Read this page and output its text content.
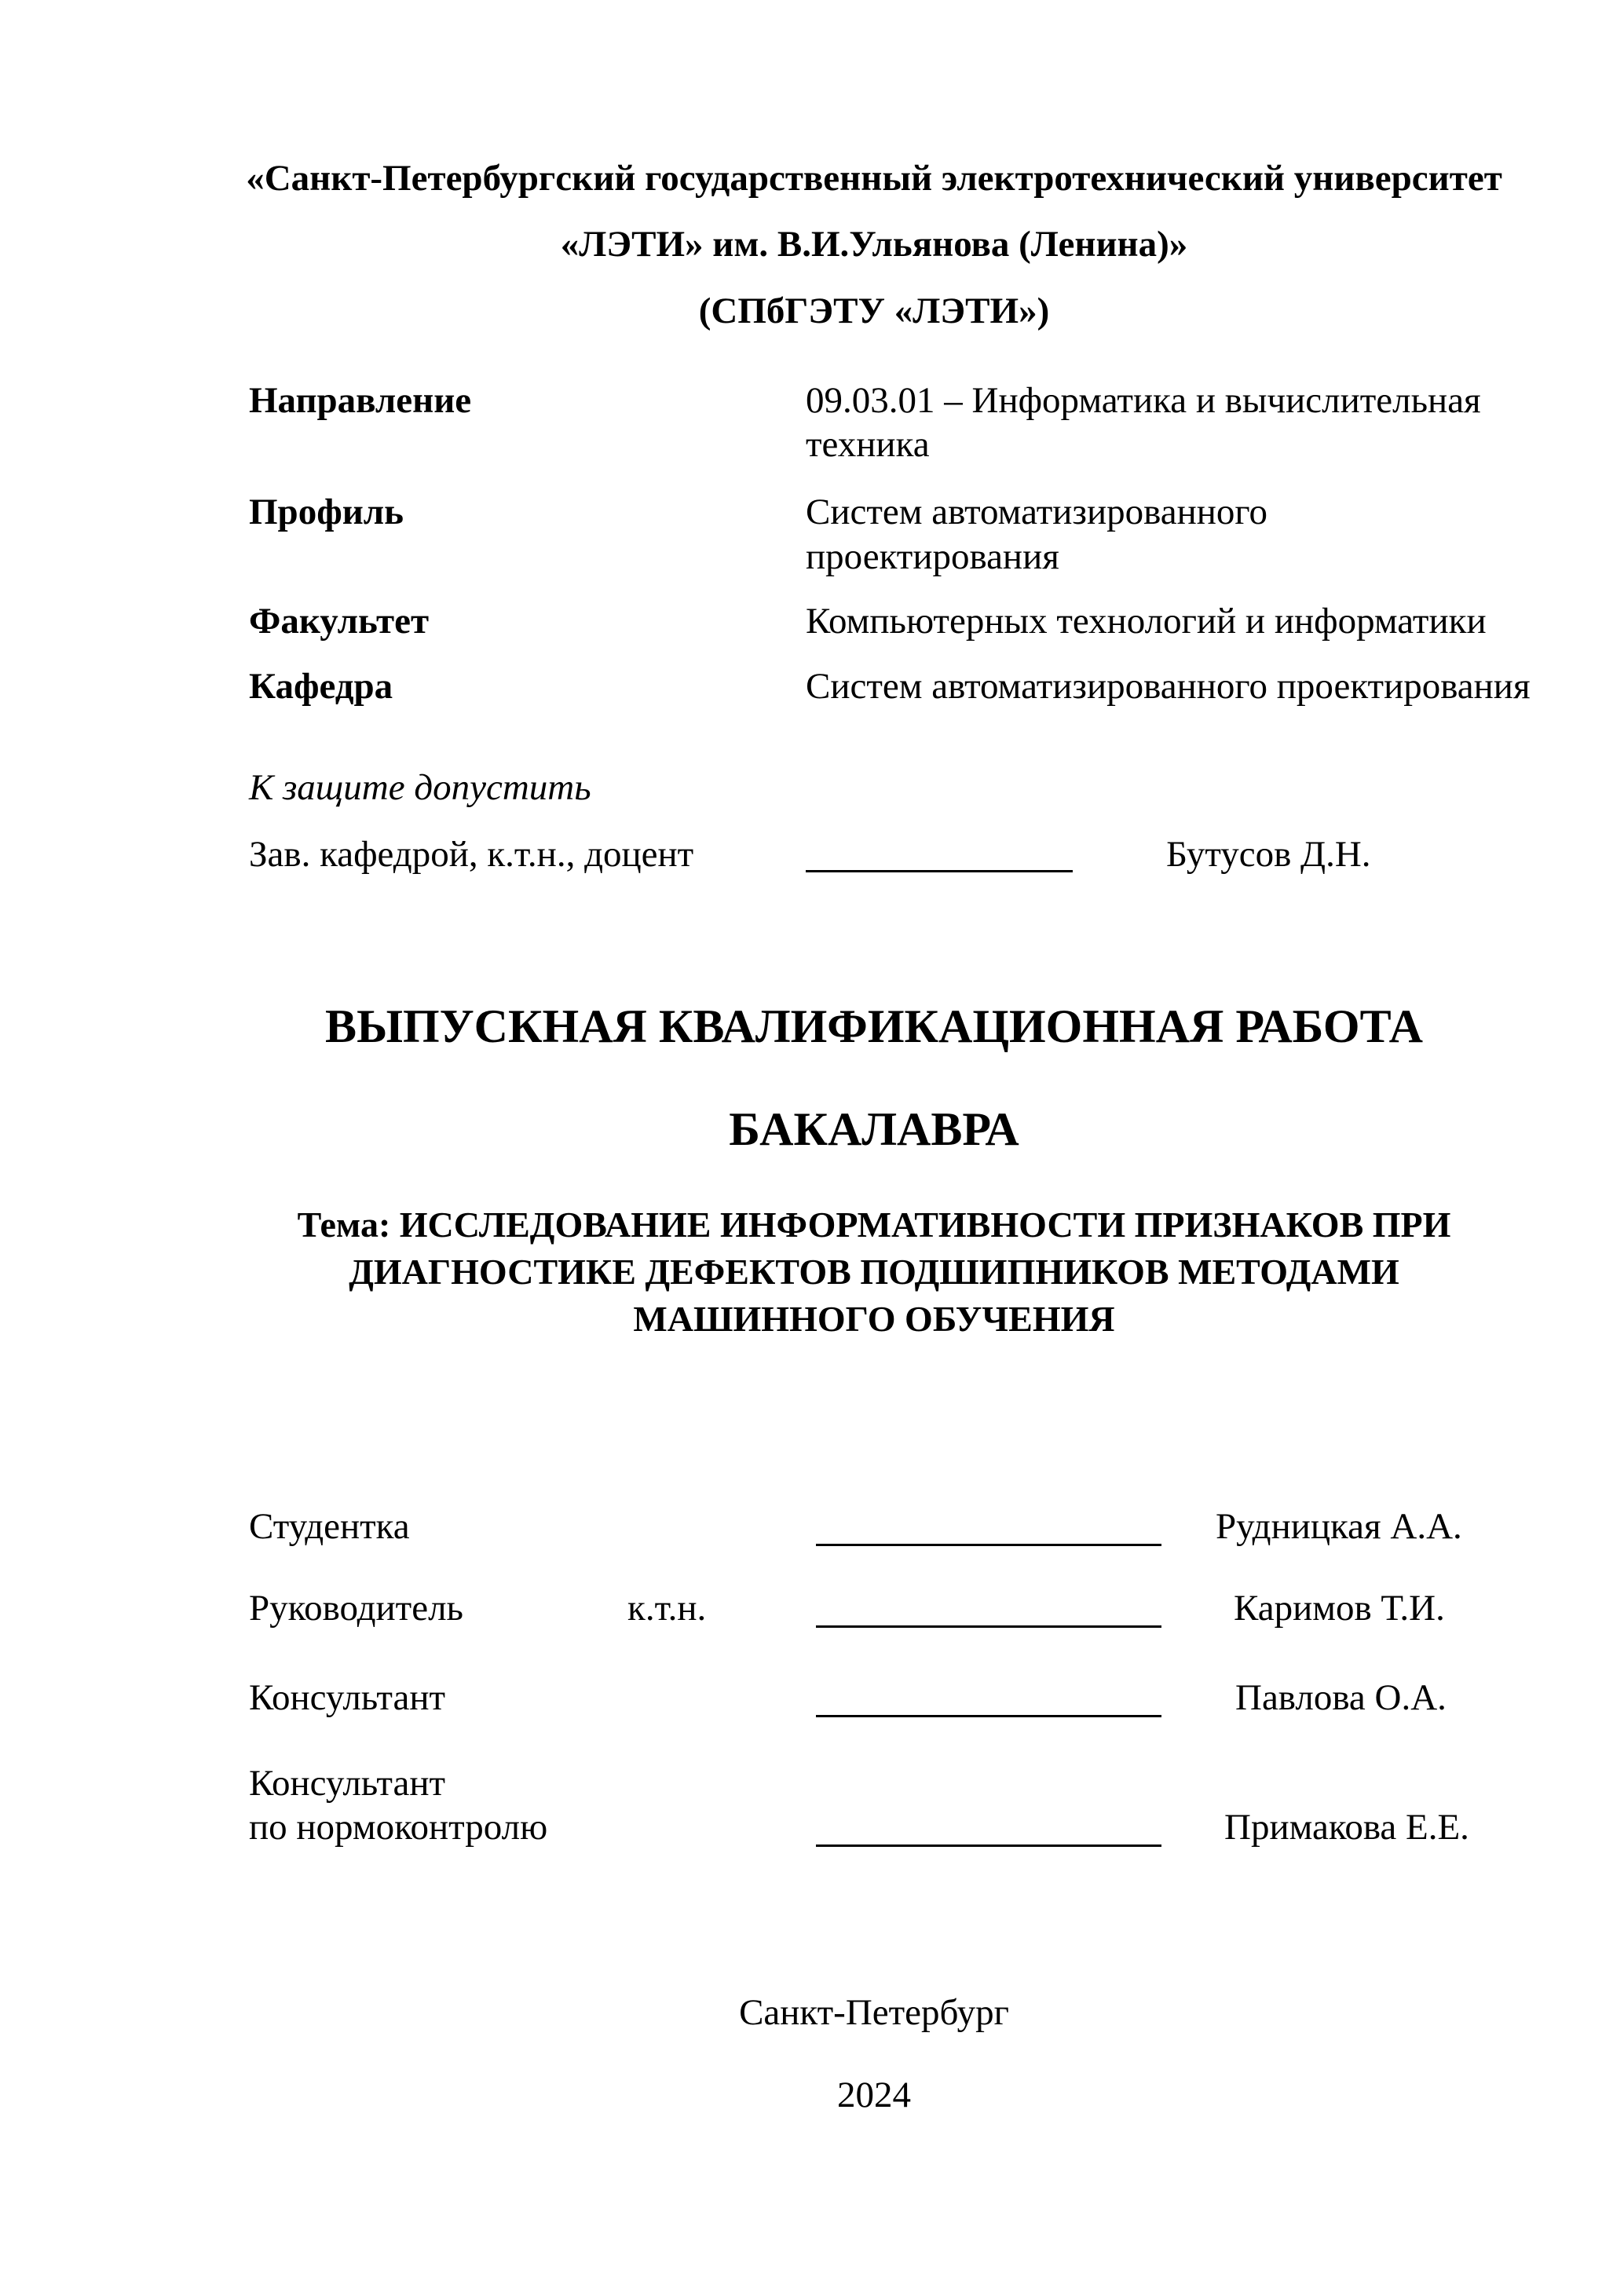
«Санкт-Петербургский государственный электротехнический университет
«ЛЭТИ» им. В.И.Ульянова (Ленина)»
(СПбГЭТУ «ЛЭТИ»)
Направление	09.03.01 – Информатика и вычислительная
техника
Профиль	Систем автоматизированного
проектирования
Факультет	Компьютерных технологий и информатики
Кафедра	Систем автоматизированного проектирования
К защите допустить
Зав. кафедрой, к.т.н., доцент	Бутусов Д.Н.
ВЫПУСКНАЯ КВАЛИФИКАЦИОННАЯ РАБОТА
БАКАЛАВРА
Тема: ИССЛЕДОВАНИЕ ИНФОРМАТИВНОСТИ ПРИЗНАКОВ ПРИ
ДИАГНОСТИКЕ ДЕФЕКТОВ ПОДШИПНИКОВ МЕТОДАМИ
МАШИННОГО ОБУЧЕНИЯ
Студентка	Рудницкая А.А.
Руководитель	к.т.н.	Каримов Т.И.
Консультант	Павлова О.А.
Консультант
по нормоконтролю	Примакова Е.Е.
Санкт-Петербург
2024
